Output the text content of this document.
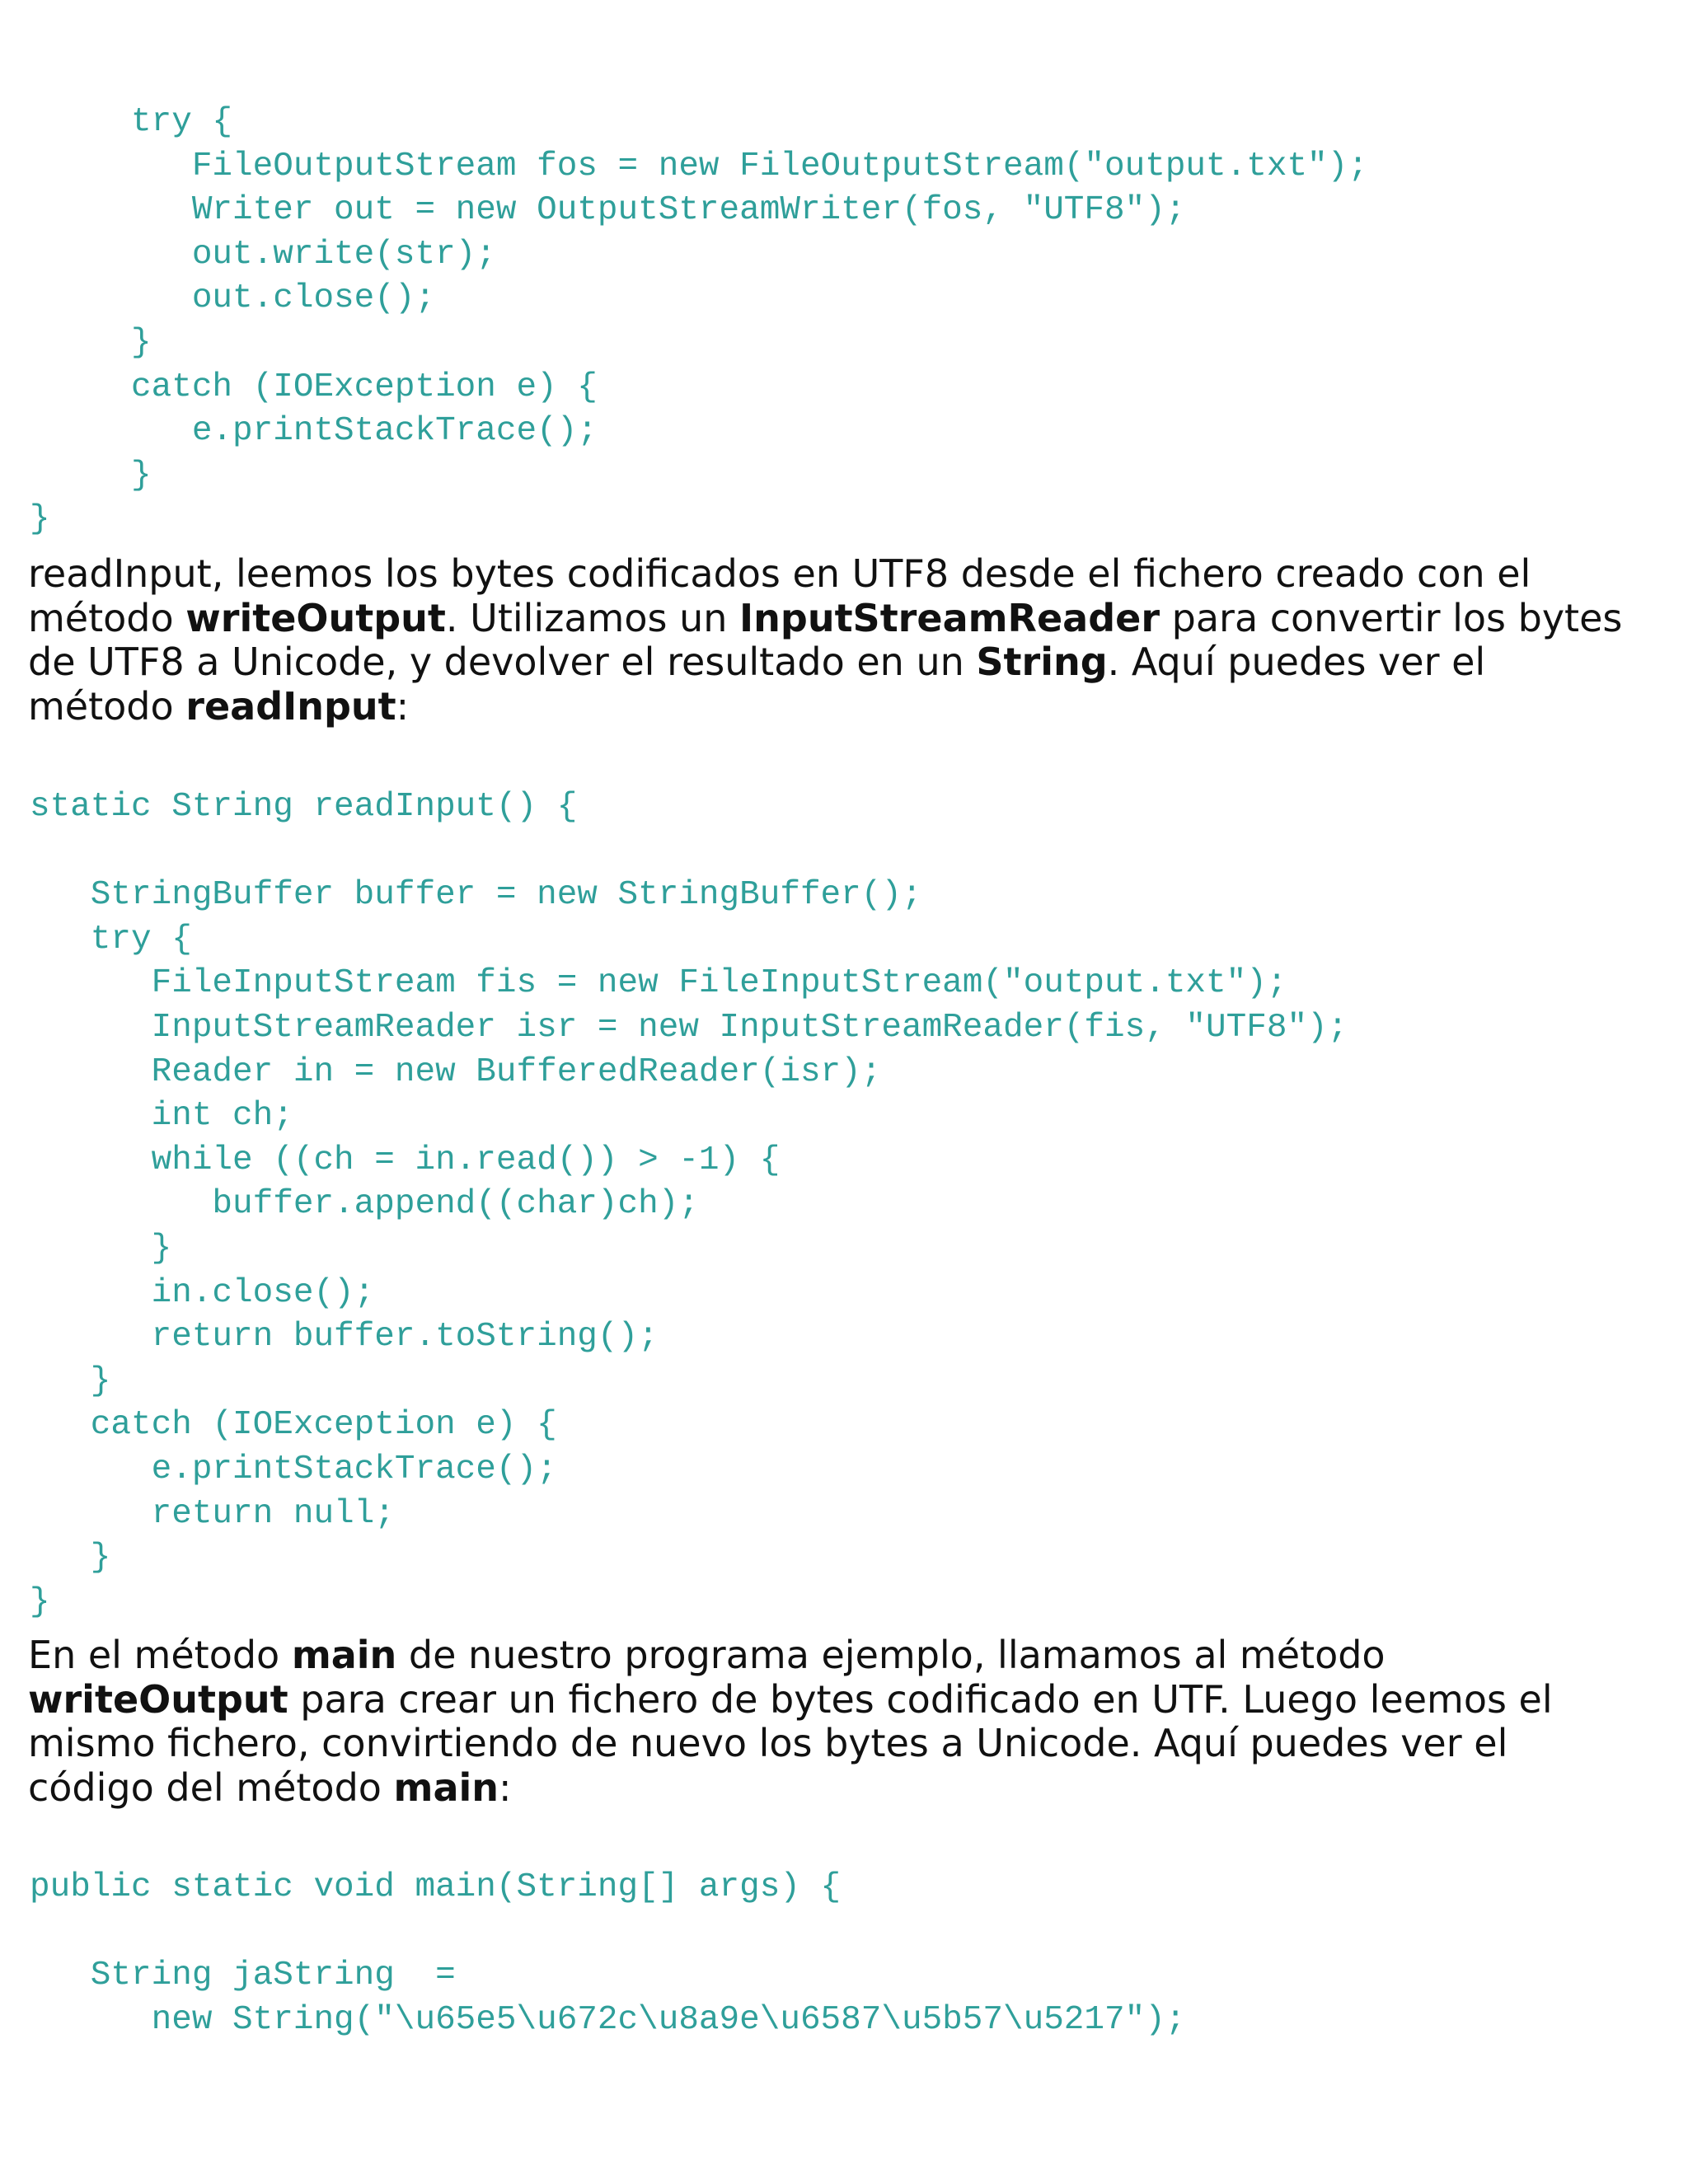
try {
FileOutputStream fos = new FileOutputStream("output.txt");
Writer out = new OutputStreamWriter(fos, "UTF8");
out.write(str);
out.close();
}
catch (IOException e) {
e.printStackTrace();
}
}
readInput, leemos los bytes codificados en UTF8 desde el fichero creado con el
método writeOutput. Utilizamos un InputStreamReader para convertir los bytes
de UTF8 a Unicode, y devolver el resultado en un String. Aquí puedes ver el
método readInput:
static String readInput() {
StringBuffer buffer = new StringBuffer();
try {
FileInputStream fis = new FileInputStream("output.txt");
InputStreamReader isr = new InputStreamReader(fis, "UTF8");
Reader in = new BufferedReader(isr);
int ch;
while ((ch = in.read()) > -1) {
buffer.append((char)ch);
}
in.close();
return buffer.toString();
}
catch (IOException e) {
e.printStackTrace();
return null;
}
}
En el método main de nuestro programa ejemplo, llamamos al método
writeOutput para crear un fichero de bytes codificado en UTF. Luego leemos el
mismo fichero, convirtiendo de nuevo los bytes a Unicode. Aquí puedes ver el
código del método main:
public static void main(String[] args) {
String jaString  =
new String("\u65e5\u672c\u8a9e\u6587\u5b57\u5217");
